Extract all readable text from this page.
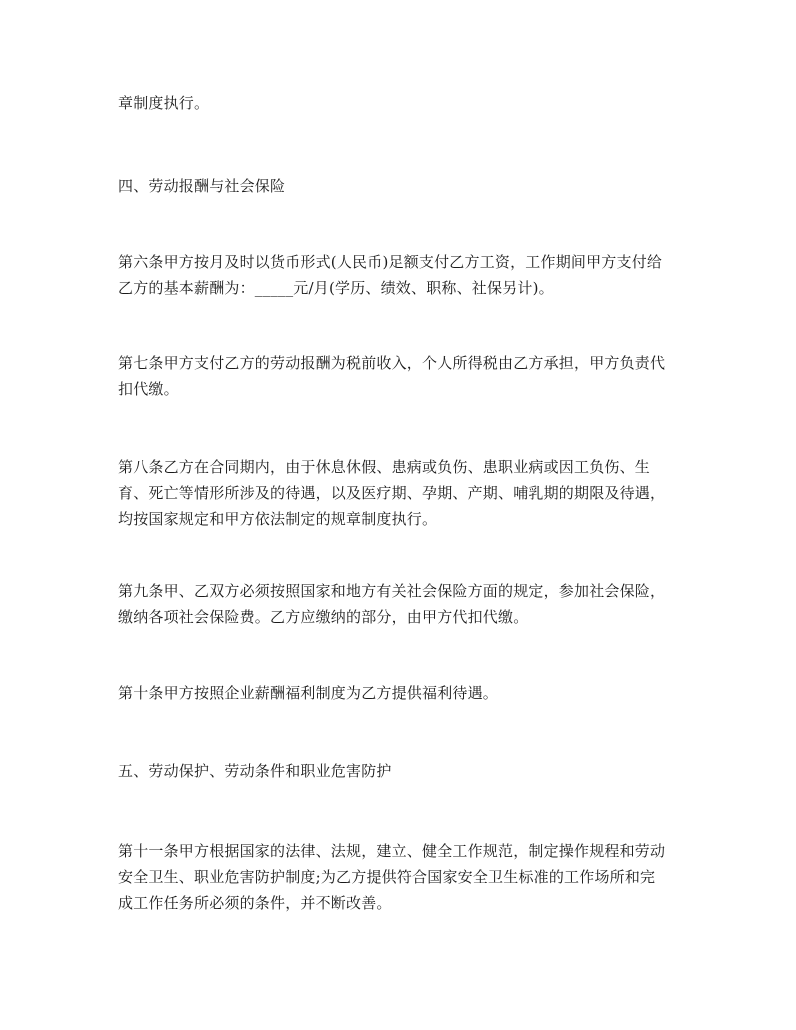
章制度执行。

四、劳动报酬与社会保险

第六条甲方按月及时以货币形式(人民币)足额支付乙方工资，工作期间甲方支付给
乙方的基本薪酬为：_____元/月(学历、绩效、职称、社保另计)。

第七条甲方支付乙方的劳动报酬为税前收入，个人所得税由乙方承担，甲方负责代
扣代缴。

第八条乙方在合同期内，由于休息休假、患病或负伤、患职业病或因工负伤、生
育、死亡等情形所涉及的待遇，以及医疗期、孕期、产期、哺乳期的期限及待遇，
均按国家规定和甲方依法制定的规章制度执行。

第九条甲、乙双方必须按照国家和地方有关社会保险方面的规定，参加社会保险，
缴纳各项社会保险费。乙方应缴纳的部分，由甲方代扣代缴。

第十条甲方按照企业薪酬福利制度为乙方提供福利待遇。

五、劳动保护、劳动条件和职业危害防护

第十一条甲方根据国家的法律、法规，建立、健全工作规范，制定操作规程和劳动
安全卫生、职业危害防护制度;为乙方提供符合国家安全卫生标准的工作场所和完
成工作任务所必须的条件，并不断改善。
